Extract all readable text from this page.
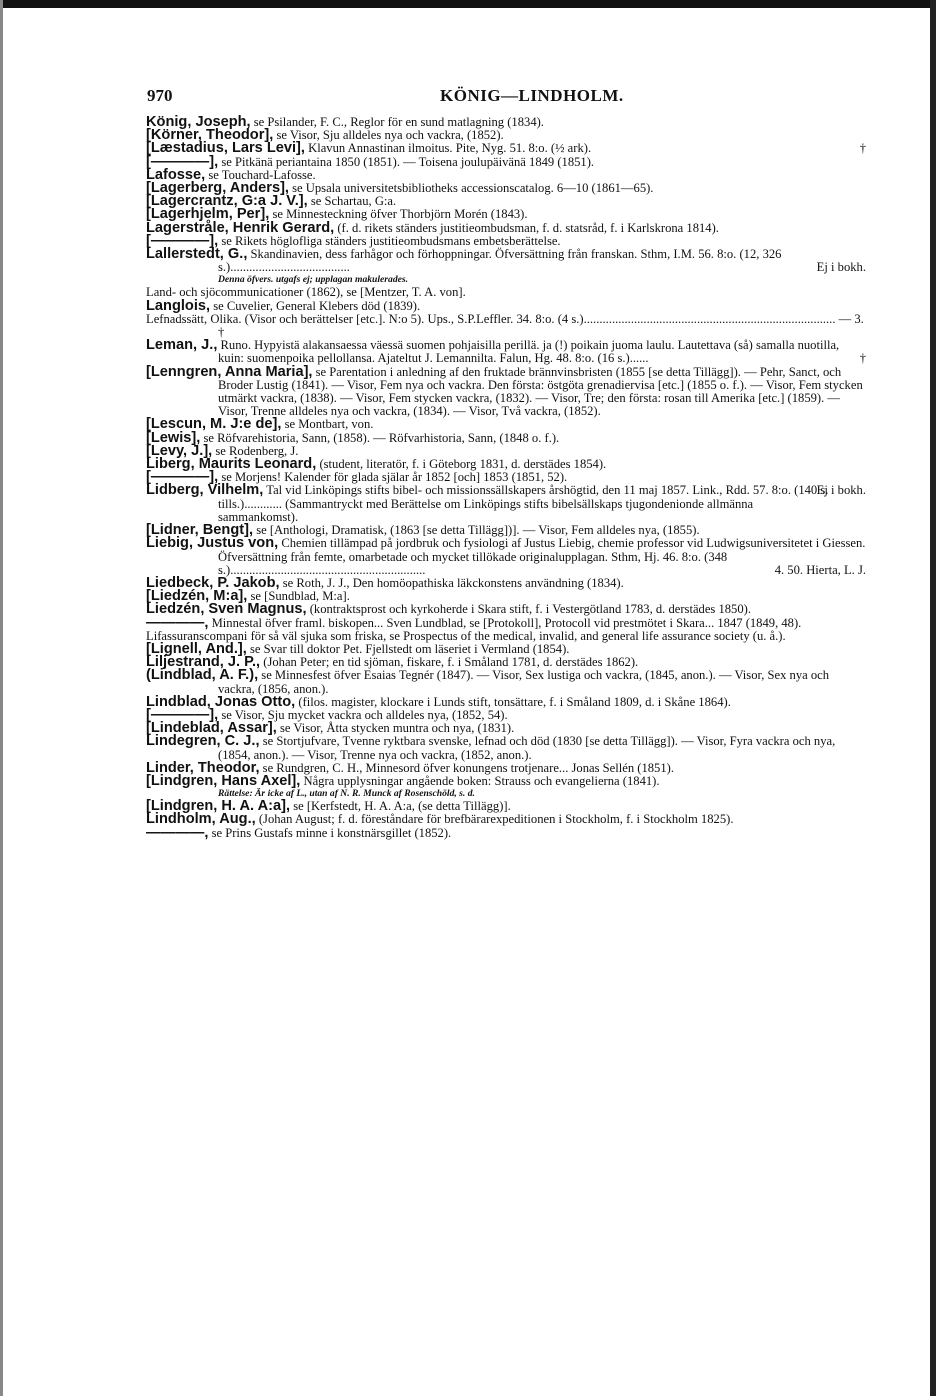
970	KÖNIG—LINDHOLM.

König, Joseph, se Psilander, F. C., Reglor för en sund matlagning (1834).

[Körner, Theodor], se Visor, Sju alldeles nya och vackra, (1852).

[Læstadius, Lars Levi], Klavun Annastinan ilmoitus. Pite, Nyg. 51. 8:o. (½ ark).	†

[————], se Pitkänä periantaina 1850 (1851). — Toisena joulupäivänä 1849 (1851).

Lafosse, se Touchard-Lafosse.

[Lagerberg, Anders], se Upsala universitetsbibliotheks accessionscatalog. 6—10 (1861—65).

[Lagercrantz, G:a J. V.], se Schartau, G:a.

[Lagerhjelm, Per], se Minnesteckning öfver Thorbjörn Morén (1843).

Lagerstråle, Henrik Gerard, (f. d. rikets ständers justitieombudsman, f. d. statsråd, f. i Karlskrona 1814).

[————], se Rikets höglofliga ständers justitieombudsmans embetsberättelse.

Lallerstedt, G., Skandinavien, dess farhågor och förhoppningar. Öfversättning från franskan. Sthm, I.M. 56. 8:o. (12, 326 s.)......................................	Ej i bokh.

Denna öfvers. utgafs ej; upplagan makulerades.

Land- och sjöcommunicationer (1862), se [Mentzer, T. A. von].

Langlois, se Cuvelier, General Klebers död (1839).

Lefnadssätt, Olika. (Visor och berättelser [etc.]. N:o 5). Ups., S.P.Leffler. 34. 8:o. (4 s.)................................................................................ — 3. †

Leman, J., Runo. Hypyistä alakansaessa väessä suomen pohjaisilla perillä. ja (!) poikain juoma laulu. Lautettava (så) samalla nuotilla, kuin: suomenpoika pellollansa. Ajateltut J. Lemannilta. Falun, Hg. 48. 8:o. (16 s.)......	†

[Lenngren, Anna Maria], se Parentation i anledning af den fruktade brännvinsbristen (1855 [se detta Tillägg]). — Pehr, Sanct, och Broder Lustig (1841). — Visor, Fem nya och vackra. Den första: östgöta grenadiervisa [etc.] (1855 o. f.). — Visor, Fem stycken utmärkt vackra, (1838). — Visor, Fem stycken vackra, (1832). — Visor, Tre; den första: rosan till Amerika [etc.] (1859). — Visor, Trenne alldeles nya och vackra, (1834). — Visor, Två vackra, (1852).

[Lescun, M. J:e de], se Montbart, von.

[Lewis], se Röfvarehistoria, Sann, (1858). — Röfvarhistoria, Sann, (1848 o. f.).

[Levy, J.], se Rodenberg, J.

Liberg, Maurits Leonard, (student, literatör, f. i Göteborg 1831, d. derstädes 1854).

[————], se Morjens! Kalender för glada själar år 1852 [och] 1853 (1851, 52).

Lidberg, Vilhelm, Tal vid Linköpings stifts bibel- och missionssällskapers årshögtid, den 11 maj 1857. Link., Rdd. 57. 8:o. (140 s. tills.)............ (Sammantryckt med Berättelse om Linköpings stifts bibelsällskaps tjugondenionde allmänna sammankomst).
Ej i bokh.

[Lidner, Bengt], se [Anthologi, Dramatisk, (1863 [se detta Tillägg])]. — Visor, Fem alldeles nya, (1855).

Liebig, Justus von, Chemien tillämpad på jordbruk och fysiologi af Justus Liebig, chemie professor vid Ludwigsuniversitetet i Giessen. Öfversättning från femte, omarbetade och mycket tillökade originalupplagan. Sthm, Hj. 46. 8:o. (348 s.)..............................................................	4. 50. Hierta, L. J.

Liedbeck, P. Jakob, se Roth, J. J., Den homöopathiska läkckonstens användning (1834).

[Liedzén, M:a], se [Sundblad, M:a].

Liedzén, Sven Magnus, (kontraktsprost och kyrkoherde i Skara stift, f. i Vestergötland 1783, d. derstädes 1850).

————, Minnestal öfver framl. biskopen... Sven Lundblad, se [Protokoll], Protocoll vid prestmötet i Skara... 1847 (1849, 48).

Lifassuranscompani för så väl sjuka som friska, se Prospectus of the medical, invalid, and general life assurance society (u. å.).

[Lignell, And.], se Svar till doktor Pet. Fjellstedt om läseriet i Vermland (1854).

Liljestrand, J. P., (Johan Peter; en tid sjöman, fiskare, f. i Småland 1781, d. derstädes 1862).

(Lindblad, A. F.), se Minnesfest öfver Esaias Tegnér (1847). — Visor, Sex lustiga och vackra, (1845, anon.). — Visor, Sex nya och vackra, (1856, anon.).

Lindblad, Jonas Otto, (filos. magister, klockare i Lunds stift, tonsättare, f. i Småland 1809, d. i Skåne 1864).

[————], se Visor, Sju mycket vackra och alldeles nya, (1852, 54).

[Lindeblad, Assar], se Visor, Åtta stycken muntra och nya, (1831).

Lindegren, C. J., se Stortjufvare, Tvenne ryktbara svenske, lefnad och död (1830 [se detta Tillägg]). — Visor, Fyra vackra och nya, (1854, anon.). — Visor, Trenne nya och vackra, (1852, anon.).

Linder, Theodor, se Rundgren, C. H., Minnesord öfver konungens trotjenare... Jonas Sellén (1851).

[Lindgren, Hans Axel], Några upplysningar angående boken: Strauss och evangelierna (1841).

Rättelse: Är icke af L., utan af N. R. Munck af Rosenschöld, s. d.

[Lindgren, H. A. A:a], se [Kerfstedt, H. A. A:a, (se detta Tillägg)].

Lindholm, Aug., (Johan August; f. d. föreståndare för brefbärarexpeditionen i Stockholm, f. i Stockholm 1825).

————, se Prins Gustafs minne i konstnärsgillet (1852).
